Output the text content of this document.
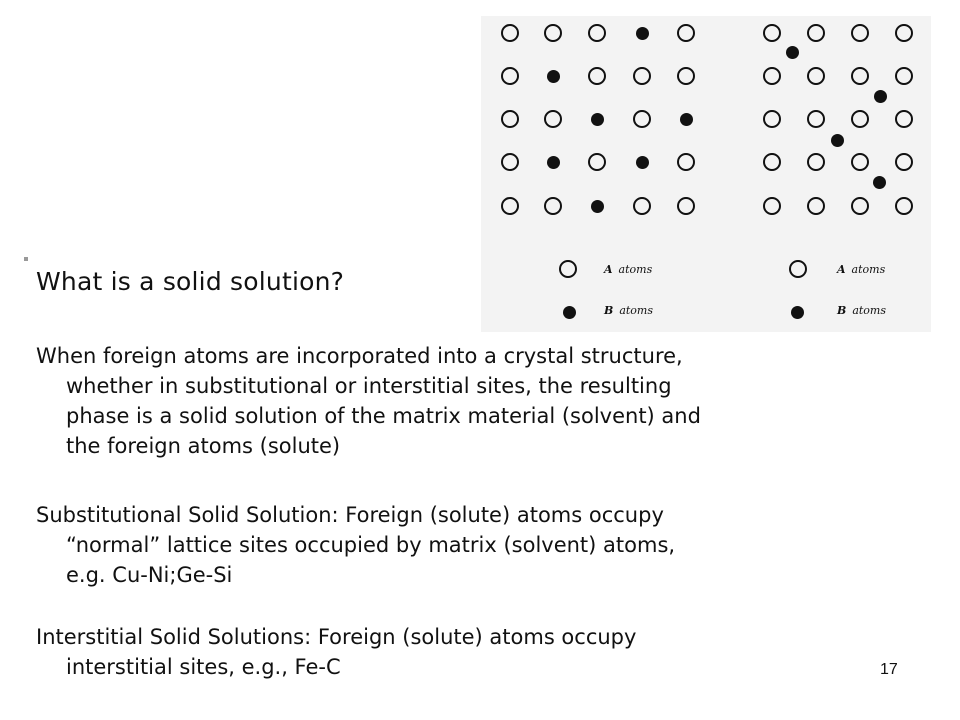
A atoms
B atoms
A atoms
B atoms
What is a solid solution?
When foreign atoms are incorporated into a crystal structure,
whether in substitutional or interstitial sites, the resulting
phase is a solid solution of the matrix material (solvent) and
the foreign atoms (solute)
Substitutional Solid Solution: Foreign (solute) atoms occupy
“normal” lattice sites occupied by matrix (solvent) atoms,
e.g. Cu-Ni;Ge-Si
Interstitial Solid Solutions: Foreign (solute) atoms occupy
interstitial sites, e.g., Fe-C	17
